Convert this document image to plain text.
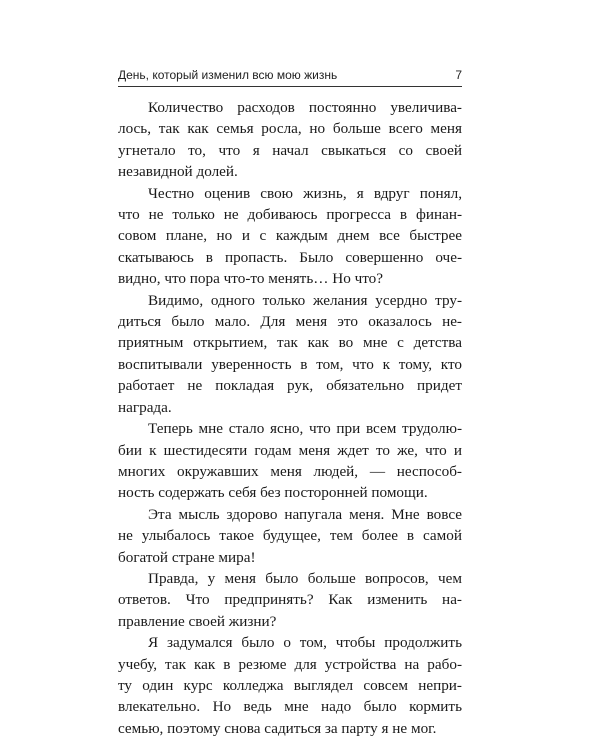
День, который изменил всю мою жизнь	7
Количество расходов постоянно увеличива-
лось, так как семья росла, но больше всего меня
угнетало то, что я начал свыкаться со своей
незавидной долей.
Честно оценив свою жизнь, я вдруг понял,
что не только не добиваюсь прогресса в финан-
совом плане, но и с каждым днем все быстрее
скатываюсь в пропасть. Было совершенно оче-
видно, что пора что-то менять… Но что?
Видимо, одного только желания усердно тру-
диться было мало. Для меня это оказалось не-
приятным открытием, так как во мне с детства
воспитывали уверенность в том, что к тому, кто
работает не покладая рук, обязательно придет
награда.
Теперь мне стало ясно, что при всем трудолю-
бии к шестидесяти годам меня ждет то же, что и
многих окружавших меня людей, — неспособ-
ность содержать себя без посторонней помощи.
Эта мысль здорово напугала меня. Мне вовсе
не улыбалось такое будущее, тем более в самой
богатой стране мира!
Правда, у меня было больше вопросов, чем
ответов. Что предпринять? Как изменить на-
правление своей жизни?
Я задумался было о том, чтобы продолжить
учебу, так как в резюме для устройства на рабо-
ту один курс колледжа выглядел совсем непри-
влекательно. Но ведь мне надо было кормить
семью, поэтому снова садиться за парту я не мог.
